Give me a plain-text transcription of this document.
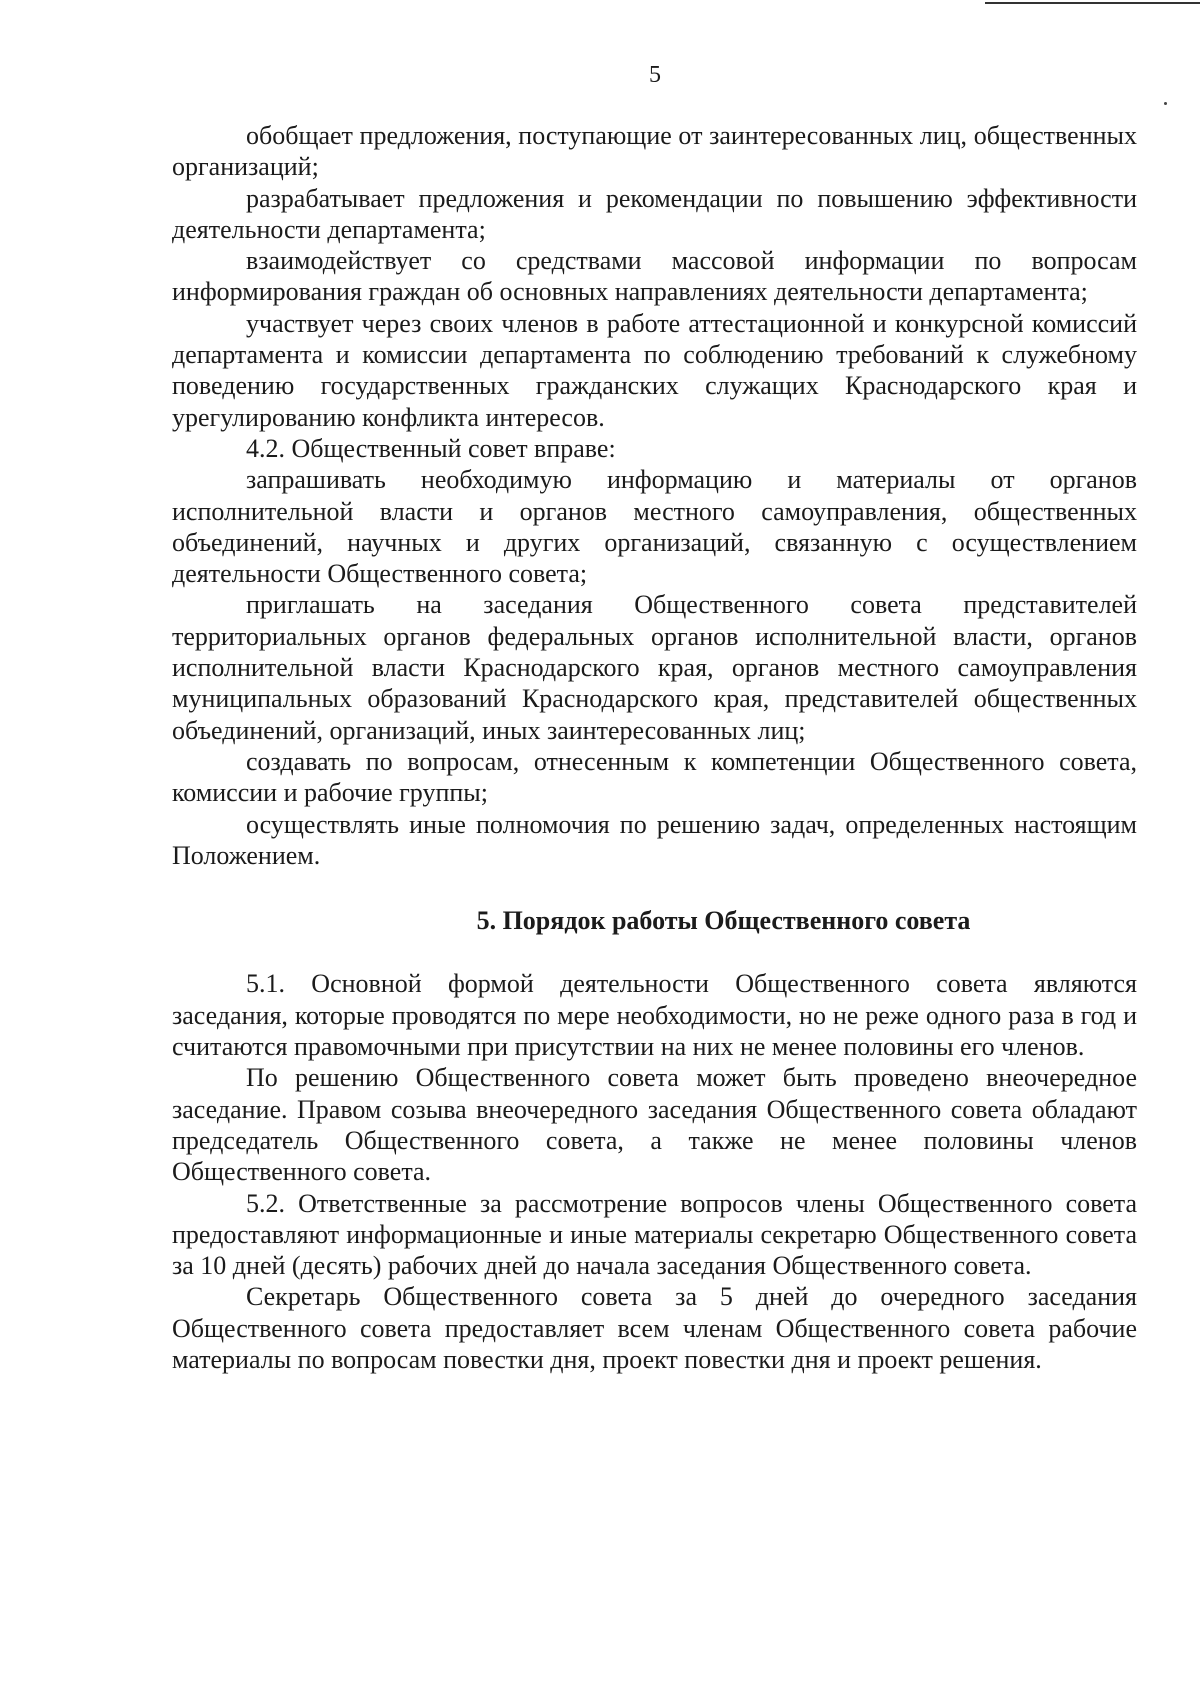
5

обобщает предложения, поступающие от заинтересованных лиц, общественных организаций;

разрабатывает предложения и рекомендации по повышению эффективности деятельности департамента;

взаимодействует со средствами массовой информации по вопросам информирования граждан об основных направлениях деятельности департамента;

участвует через своих членов в работе аттестационной и конкурсной комиссий департамента и комиссии департамента по соблюдению требований к служебному поведению государственных гражданских служащих Краснодарского края и урегулированию конфликта интересов.

4.2. Общественный совет вправе:

запрашивать необходимую информацию и материалы от органов исполнительной власти и органов местного самоуправления, общественных объединений, научных и других организаций, связанную с осуществлением деятельности Общественного совета;

приглашать на заседания Общественного совета представителей территориальных органов федеральных органов исполнительной власти, органов исполнительной власти Краснодарского края, органов местного самоуправления муниципальных образований Краснодарского края, представителей общественных объединений, организаций, иных заинтересованных лиц;

создавать по вопросам, отнесенным к компетенции Общественного совета, комиссии и рабочие группы;

осуществлять иные полномочия по решению задач, определенных настоящим Положением.

5. Порядок работы Общественного совета

5.1. Основной формой деятельности Общественного совета являются заседания, которые проводятся по мере необходимости, но не реже одного раза в год и считаются правомочными при присутствии на них не менее половины его членов.

По решению Общественного совета может быть проведено внеочередное заседание. Правом созыва внеочередного заседания Общественного совета обладают председатель Общественного совета, а также не менее половины членов Общественного совета.

5.2. Ответственные за рассмотрение вопросов члены Общественного совета предоставляют информационные и иные материалы секретарю Общественного совета за 10 дней (десять) рабочих дней до начала заседания Общественного совета.

Секретарь Общественного совета за 5 дней до очередного заседания Общественного совета предоставляет всем членам Общественного совета рабочие материалы по вопросам повестки дня, проект повестки дня и проект решения.
